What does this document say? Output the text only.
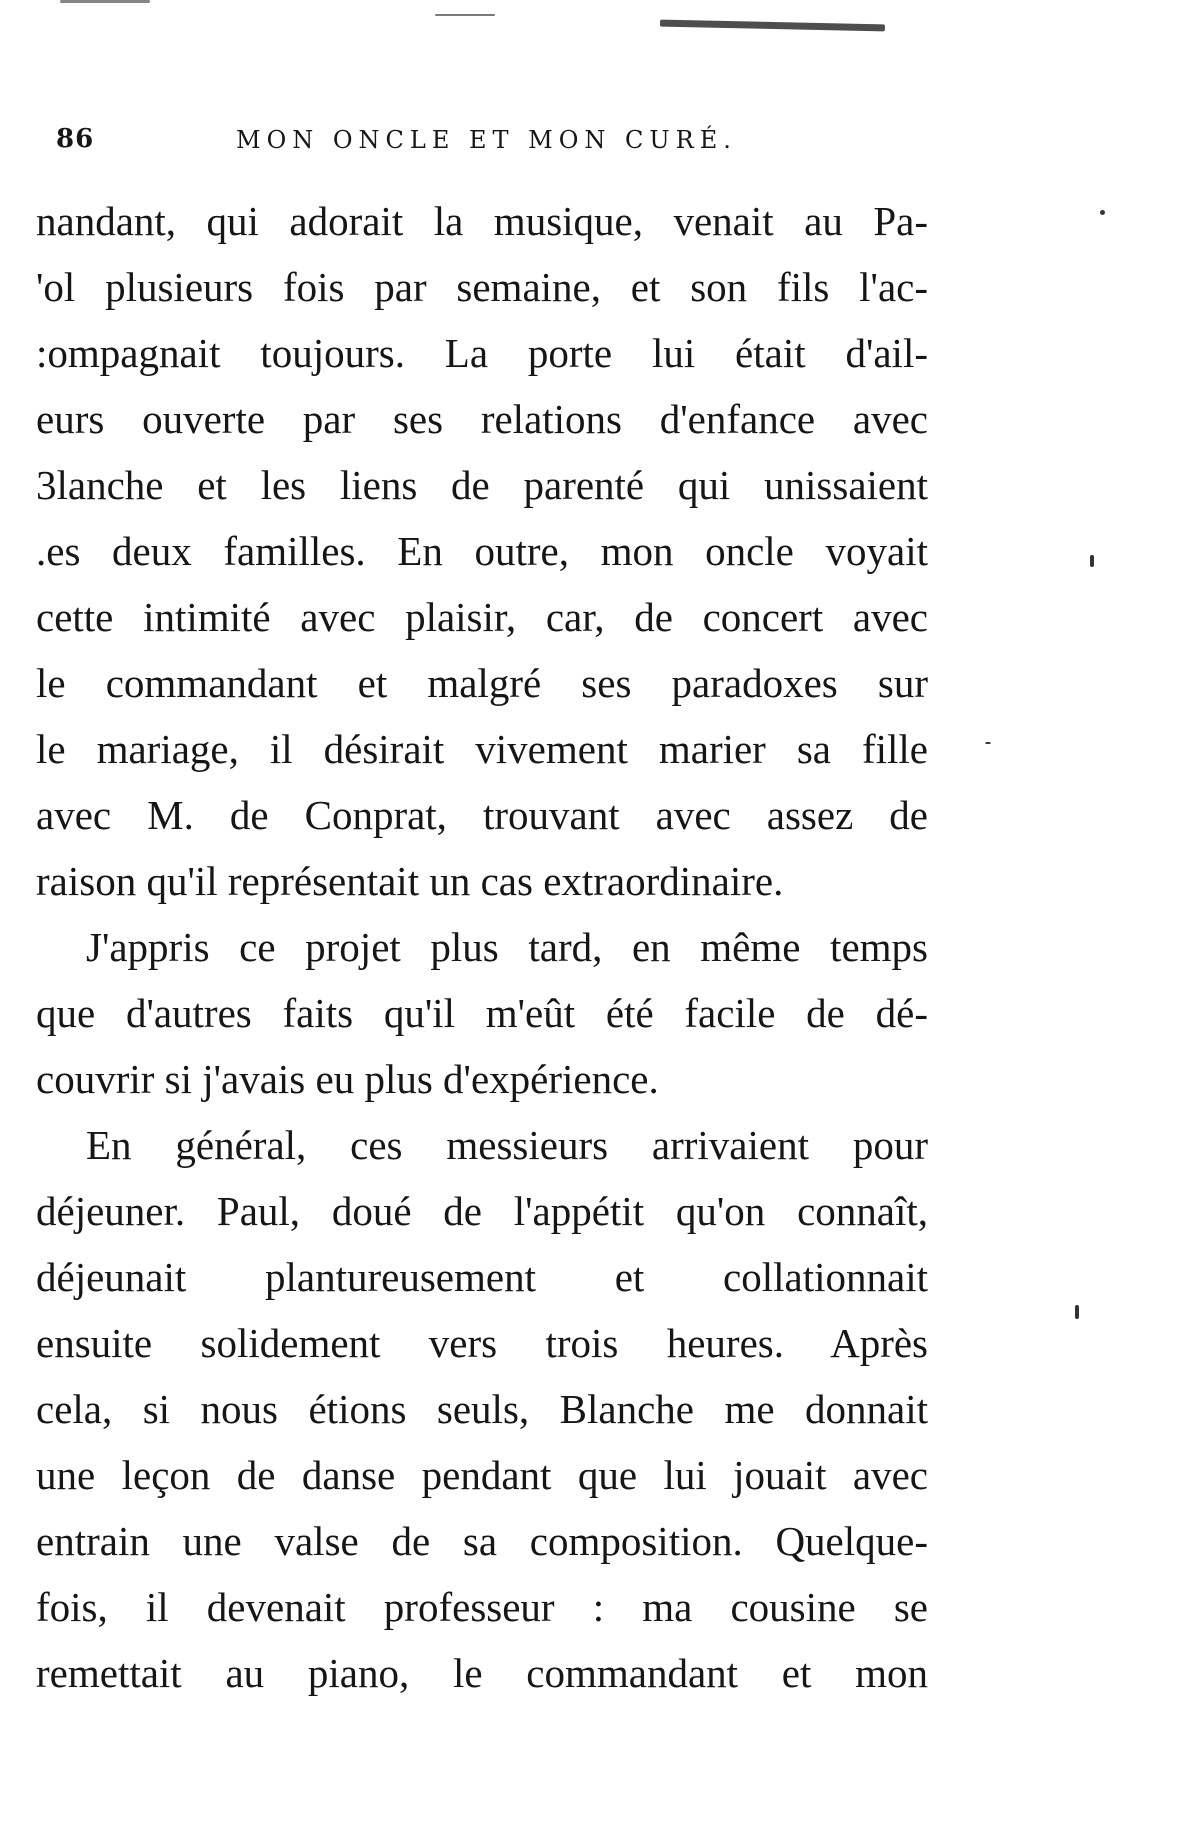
86	MON ONCLE ET MON CURÉ.
nandant, qui adorait la musique, venait au Pa-
'ol plusieurs fois par semaine, et son fils l'ac-
:ompagnait toujours. La porte lui était d'ail-
eurs ouverte par ses relations d'enfance avec
3lanche et les liens de parenté qui unissaient
.es deux familles. En outre, mon oncle voyait
cette intimité avec plaisir, car, de concert avec
le commandant et malgré ses paradoxes sur
le mariage, il désirait vivement marier sa fille
avec M. de Conprat, trouvant avec assez de
raison qu'il représentait un cas extraordinaire.
J'appris ce projet plus tard, en même temps
que d'autres faits qu'il m'eût été facile de dé-
couvrir si j'avais eu plus d'expérience.
En général, ces messieurs arrivaient pour
déjeuner. Paul, doué de l'appétit qu'on connaît,
déjeunait plantureusement et collationnait
ensuite solidement vers trois heures. Après
cela, si nous étions seuls, Blanche me donnait
une leçon de danse pendant que lui jouait avec
entrain une valse de sa composition. Quelque-
fois, il devenait professeur : ma cousine se
remettait au piano, le commandant et mon
